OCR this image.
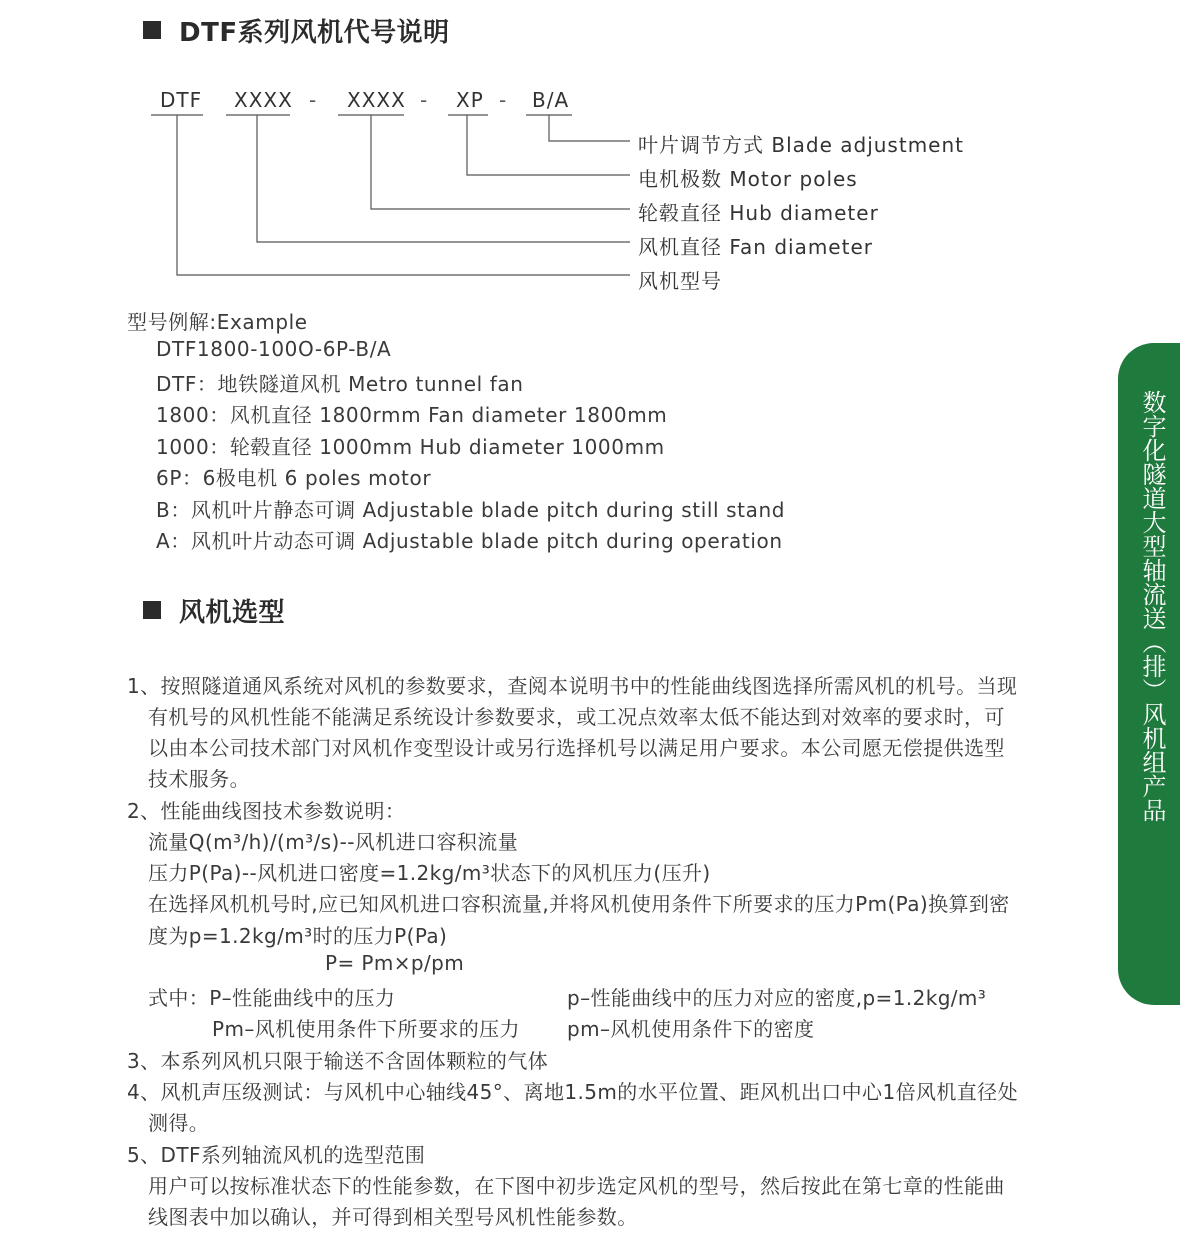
DTF系列风机代号说明
DTF	-
XXXX	-
XXXX	-
XP B/A
叶片调节方式 Blade adjustment
电机极数 Motor poles
轮毂直径 Hub diameter
风机直径 Fan diameter
风机型号
型号例解:Example
DTF1800-100O-6P-B/A
DTF：地铁隧道风机 Metro tunnel fan
1800：风机直径 1800rmm Fan diameter 1800mm
1000：轮毂直径 1000mm Hub diameter 1000mm
6P：6极电机 6 poles motor
B：风机叶片静态可调 Adjustable blade pitch during still stand
A：风机叶片动态可调 Adjustable blade pitch during operation
风机选型
1、按照隧道通风系统对风机的参数要求，查阅本说明书中的性能曲线图选择所需风机的机号。当现
有机号的风机性能不能满足系统设计参数要求，或工况点效率太低不能达到对效率的要求时，可
以由本公司技术部门对风机作变型设计或另行选择机号以满足用户要求。本公司愿无偿提供选型
技术服务。
2、性能曲线图技术参数说明：
流量Q(m³/h)/(m³/s)--风机进口容积流量
压力P(Pa)--风机进口密度=1.2kg/m³状态下的风机压力(压升)
在选择风机机号时,应已知风机进口容积流量,并将风机使用条件下所要求的压力Pm(Pa)换算到密
度为p=1.2kg/m³时的压力P(Pa)
P= Pm×p/pm
式中：P–性能曲线中的压力	p–性能曲线中的压力对应的密度,p=1.2kg/m³
Pm–风机使用条件下所要求的压力 pm–风机使用条件下的密度
3、本系列风机只限于输送不含固体颗粒的气体
4、风机声压级测试：与风机中心轴线45°、离地1.5m的水平位置、距风机出口中心1倍风机直径处
测得。
5、DTF系列轴流风机的选型范围
用户可以按标准状态下的性能参数，在下图中初步选定风机的型号，然后按此在第七章的性能曲
线图表中加以确认，并可得到相关型号风机性能参数。
数字化隧道大型轴流送（排）风机组产品
